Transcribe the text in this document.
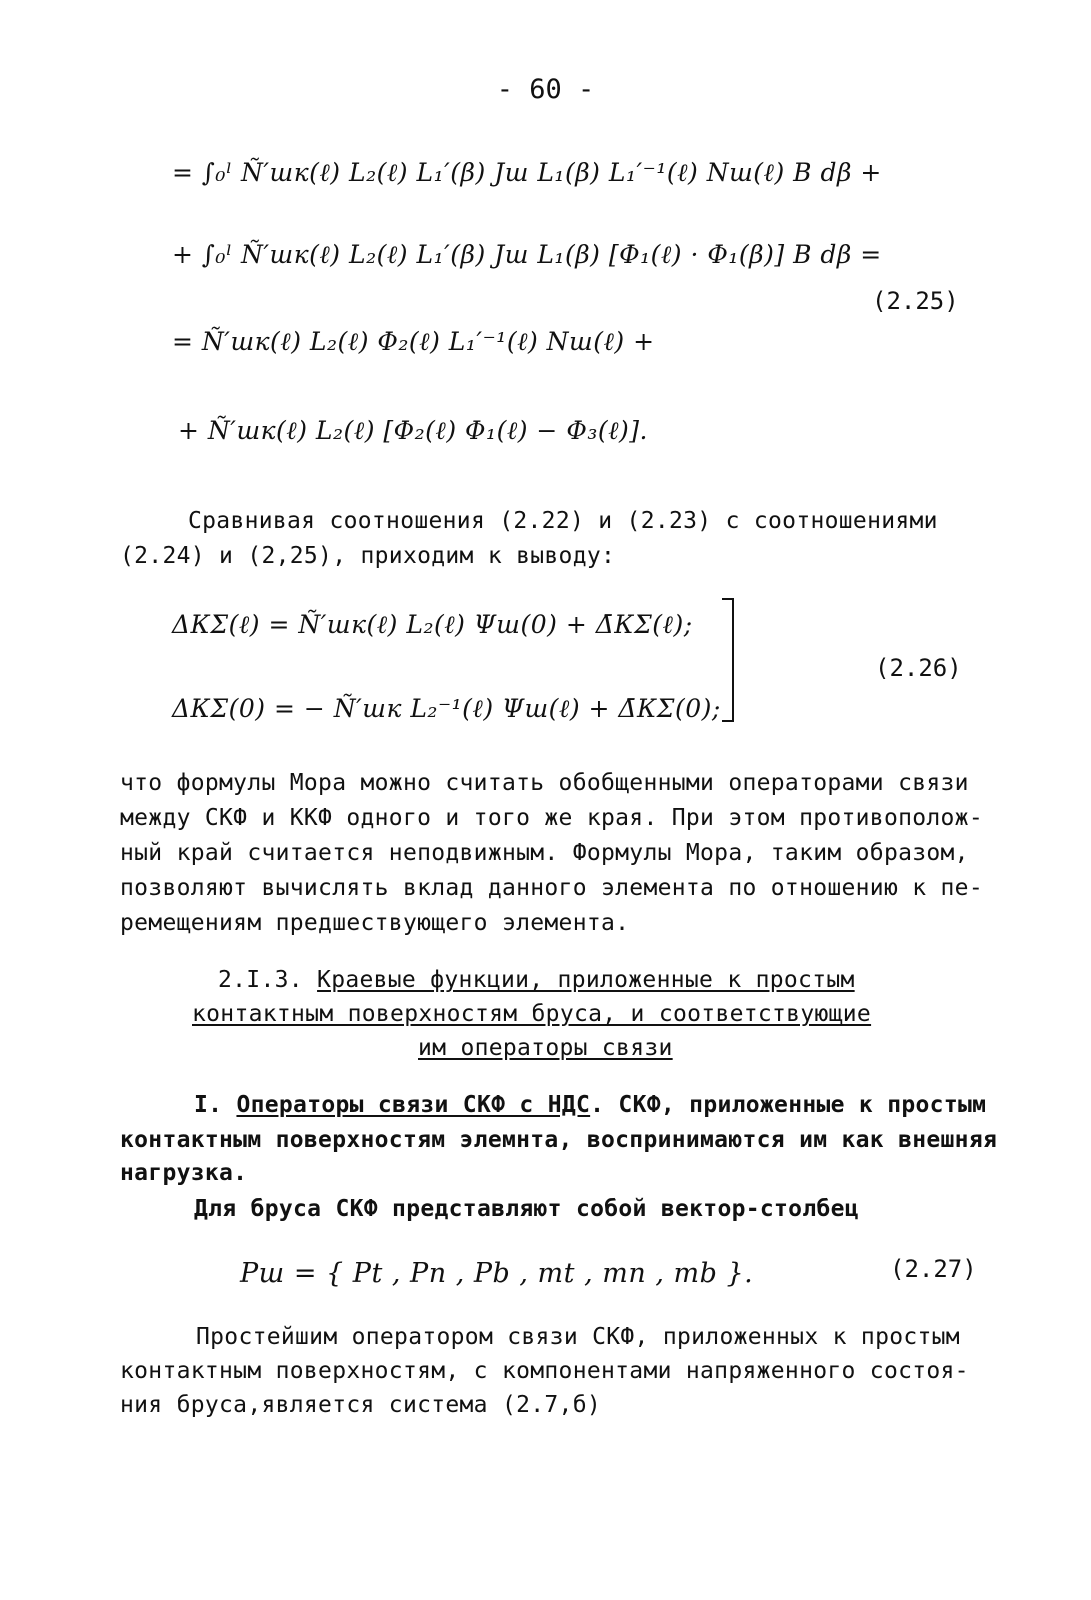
- 60 -
= ∫₀ˡ Ñ′шк(ℓ) L₂(ℓ) L₁′(β) Jш L₁(β) L₁′⁻¹(ℓ) Nш(ℓ) B dβ +
+ ∫₀ˡ Ñ′шк(ℓ) L₂(ℓ) L₁′(β) Jш L₁(β) [Φ₁(ℓ) · Φ₁(β)] B dβ =
(2.25)
= Ñ′шк(ℓ) L₂(ℓ) Φ₂(ℓ) L₁′⁻¹(ℓ) Nш(ℓ) +
+ Ñ′шк(ℓ) L₂(ℓ) [Φ₂(ℓ) Φ₁(ℓ) − Φ₃(ℓ)].
Сравнивая соотношения (2.22) и (2.23) с соотношениями
(2.24) и (2,25), приходим к выводу:
ΔКΣ(ℓ) = Ñ′шк(ℓ) L₂(ℓ) Ψш(0) + Δ̄КΣ(ℓ);
ΔКΣ(0) = − Ñ′шк L₂⁻¹(ℓ) Ψш(ℓ) + Δ̄КΣ(0);
(2.26)
что формулы Мора можно считать обобщенными операторами связи
между СКФ и ККФ одного и того же края. При этом противополож-
ный край считается неподвижным. Формулы Мора, таким образом,
позволяют вычислять вклад данного элемента по отношению к пе-
ремещениям предшествующего элемента.
2.I.3. Краевые функции, приложенные к простым
контактным поверхностям бруса, и соответствующие
им операторы связи
I. Операторы связи СКФ с НДС. СКФ, приложенные к простым
контактным поверхностям элемнта, воспринимаются им как внешняя
нагрузка.
Для бруса СКФ представляют собой вектор-столбец
Pш = { Pt , Pn , Pb , mt , mn , mb }.	(2.27)
Простейшим оператором связи СКФ, приложенных к простым
контактным поверхностям, с компонентами напряженного состоя-
ния бруса,является система (2.7,б)
